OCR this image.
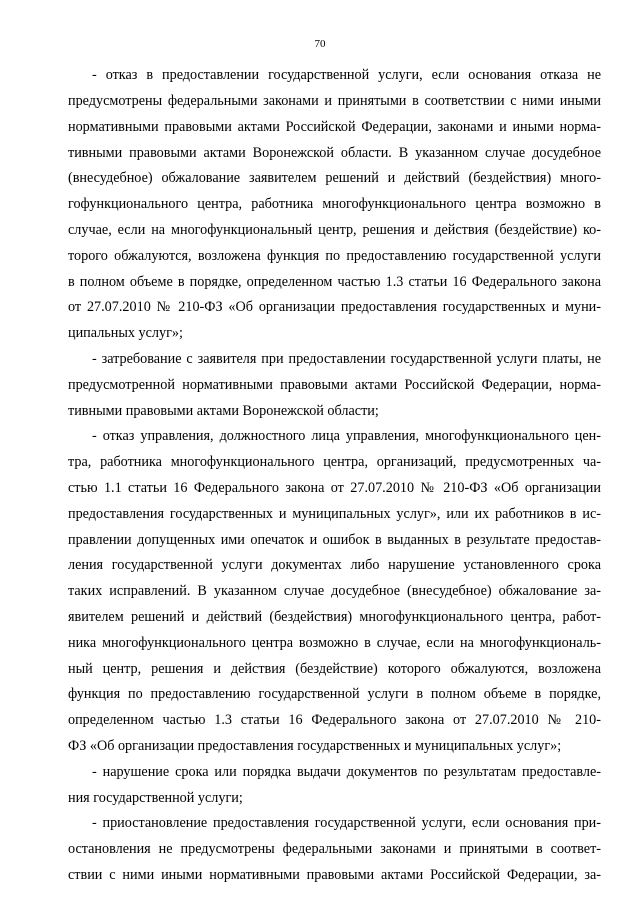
70
- отказ в предоставлении государственной услуги, если основания отказа не
предусмотрены федеральными законами и принятыми в соответствии с ними иными
нормативными правовыми актами Российской Федерации, законами и иными норма-
тивными правовыми актами Воронежской области. В указанном случае досудебное
(внесудебное) обжалование заявителем решений и действий (бездействия) много-
гофункционального центра, работника многофункционального центра возможно в
случае, если на многофункциональный центр, решения и действия (бездействие) ко-
торого обжалуются, возложена функция по предоставлению государственной услуги
в полном объеме в порядке, определенном частью 1.3 статьи 16 Федерального закона
от 27.07.2010 № 210-ФЗ «Об организации предоставления государственных и муни-
ципальных услуг»;
- затребование с заявителя при предоставлении государственной услуги платы, не
предусмотренной нормативными правовыми актами Российской Федерации, норма-
тивными правовыми актами Воронежской области;
- отказ управления, должностного лица управления, многофункционального цен-
тра, работника многофункционального центра, организаций, предусмотренных ча-
стью 1.1 статьи 16 Федерального закона от 27.07.2010 № 210-ФЗ «Об организации
предоставления государственных и муниципальных услуг», или их работников в ис-
правлении допущенных ими опечаток и ошибок в выданных в результате предостав-
ления государственной услуги документах либо нарушение установленного срока
таких исправлений. В указанном случае досудебное (внесудебное) обжалование за-
явителем решений и действий (бездействия) многофункционального центра, работ-
ника многофункционального центра возможно в случае, если на многофункциональ-
ный центр, решения и действия (бездействие) которого обжалуются, возложена
функция по предоставлению государственной услуги в полном объеме в порядке,
определенном частью 1.3 статьи 16 Федерального закона от 27.07.2010 № 210-
ФЗ «Об организации предоставления государственных и муниципальных услуг»;
- нарушение срока или порядка выдачи документов по результатам предоставле-
ния государственной услуги;
- приостановление предоставления государственной услуги, если основания при-
остановления не предусмотрены федеральными законами и принятыми в соответ-
ствии с ними иными нормативными правовыми актами Российской Федерации, за-
